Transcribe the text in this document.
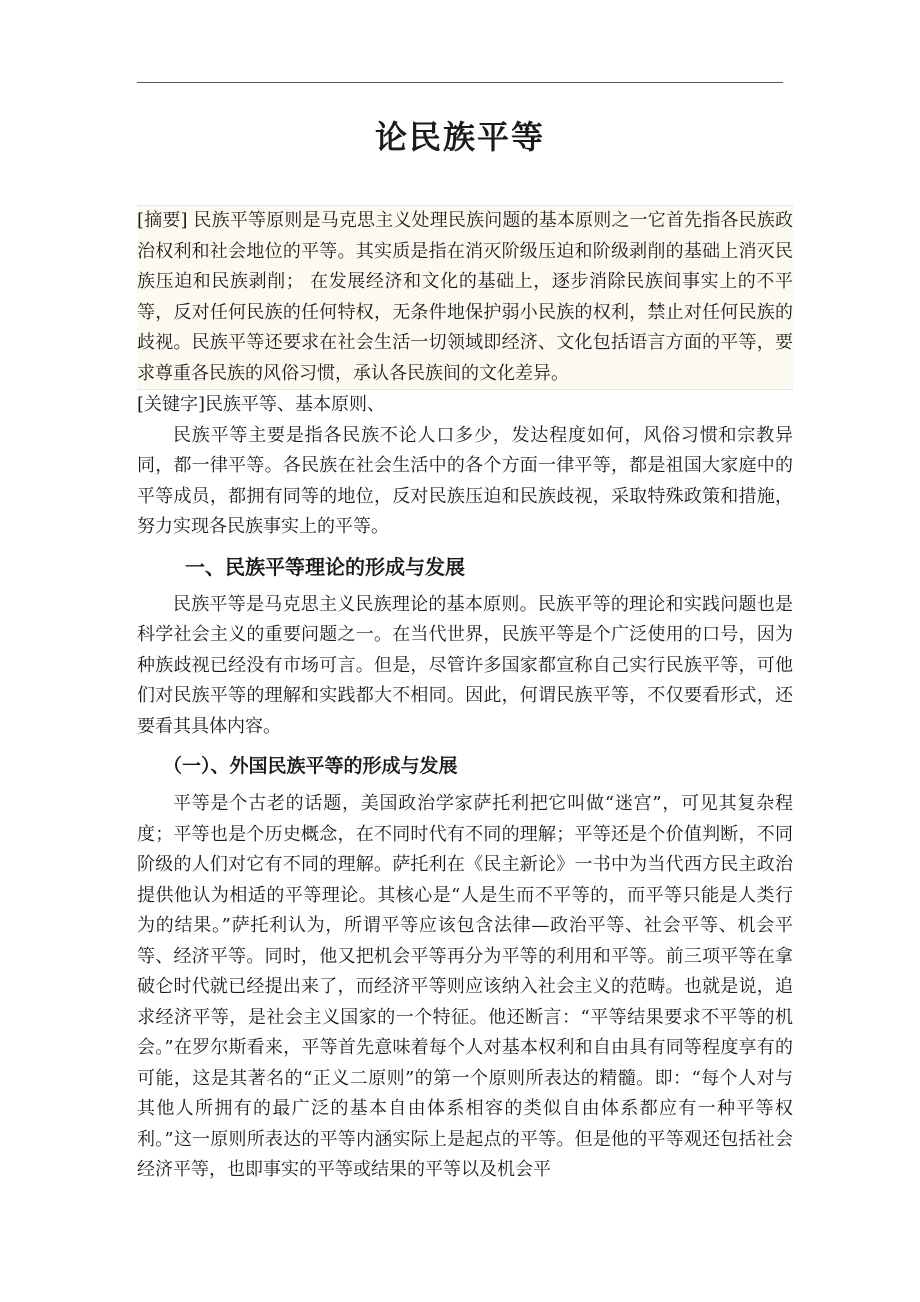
论民族平等
[摘要] 民族平等原则是马克思主义处理民族问题的基本原则之一它首先指各民族政治权利和社会地位的平等。其实质是指在消灭阶级压迫和阶级剥削的基础上消灭民族压迫和民族剥削； 在发展经济和文化的基础上，逐步消除民族间事实上的不平等，反对任何民族的任何特权，无条件地保护弱小民族的权利，禁止对任何民族的歧视。民族平等还要求在社会生活一切领域即经济、文化包括语言方面的平等，要求尊重各民族的风俗习惯，承认各民族间的文化差异。

[关键字]民族平等、基本原则、

民族平等主要是指各民族不论人口多少，发达程度如何，风俗习惯和宗教异同，都一律平等。各民族在社会生活中的各个方面一律平等，都是祖国大家庭中的平等成员，都拥有同等的地位，反对民族压迫和民族歧视，采取特殊政策和措施，努力实现各民族事实上的平等。

一、民族平等理论的形成与发展

民族平等是马克思主义民族理论的基本原则。民族平等的理论和实践问题也是科学社会主义的重要问题之一。在当代世界，民族平等是个广泛使用的口号，因为种族歧视已经没有市场可言。但是，尽管许多国家都宣称自己实行民族平等，可他们对民族平等的理解和实践都大不相同。因此，何谓民族平等，不仅要看形式，还要看其具体内容。

（一）、外国民族平等的形成与发展

平等是个古老的话题，美国政治学家萨托利把它叫做“迷宫”，可见其复杂程度；平等也是个历史概念，在不同时代有不同的理解；平等还是个价值判断，不同阶级的人们对它有不同的理解。萨托利在《民主新论》一书中为当代西方民主政治提供他认为相适的平等理论。其核心是“人是生而不平等的，而平等只能是人类行为的结果。”萨托利认为，所谓平等应该包含法律—政治平等、社会平等、机会平等、经济平等。同时，他又把机会平等再分为平等的利用和平等。前三项平等在拿破仑时代就已经提出来了，而经济平等则应该纳入社会主义的范畴。也就是说，追求经济平等，是社会主义国家的一个特征。他还断言：“平等结果要求不平等的机会。”在罗尔斯看来，平等首先意味着每个人对基本权利和自由具有同等程度享有的可能，这是其著名的“正义二原则”的第一个原则所表达的精髓。即：“每个人对与其他人所拥有的最广泛的基本自由体系相容的类似自由体系都应有一种平等权利。”这一原则所表达的平等内涵实际上是起点的平等。但是他的平等观还包括社会经济平等，也即事实的平等或结果的平等以及机会平
